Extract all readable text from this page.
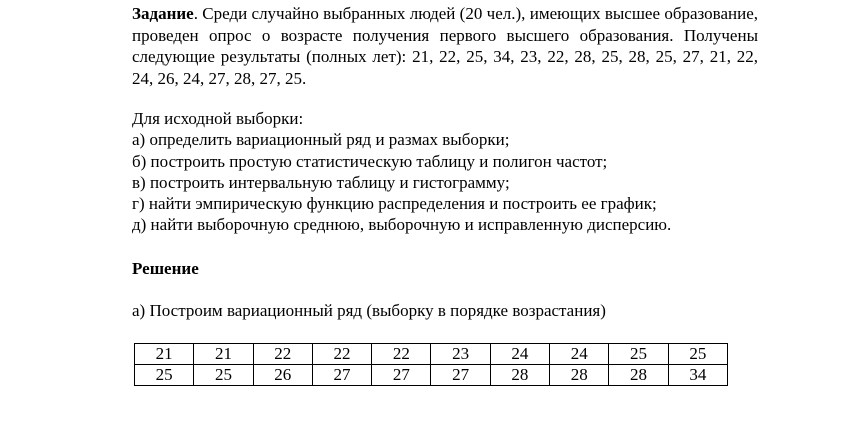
Задание. Среди случайно выбранных людей (20 чел.), имеющих высшее образование, проведен опрос о возрасте получения первого высшего образования. Получены следующие результаты (полных лет): 21, 22, 25, 34, 23, 22, 28, 25, 28, 25, 27, 21, 22, 24, 26, 24, 27, 28, 27, 25.

Для исходной выборки:
а) определить вариационный ряд и размах выборки;
б) построить простую статистическую таблицу и полигон частот;
в) построить интервальную таблицу и гистограмму;
г) найти эмпирическую функцию распределения и построить ее график;
д) найти выборочную среднюю, выборочную и исправленную дисперсию.
Решение
а) Построим вариационный ряд (выборку в порядке возрастания)
21	21	22	22	22	23	24	24	25	25
25	25	26	27	27	27	28	28	28	34
